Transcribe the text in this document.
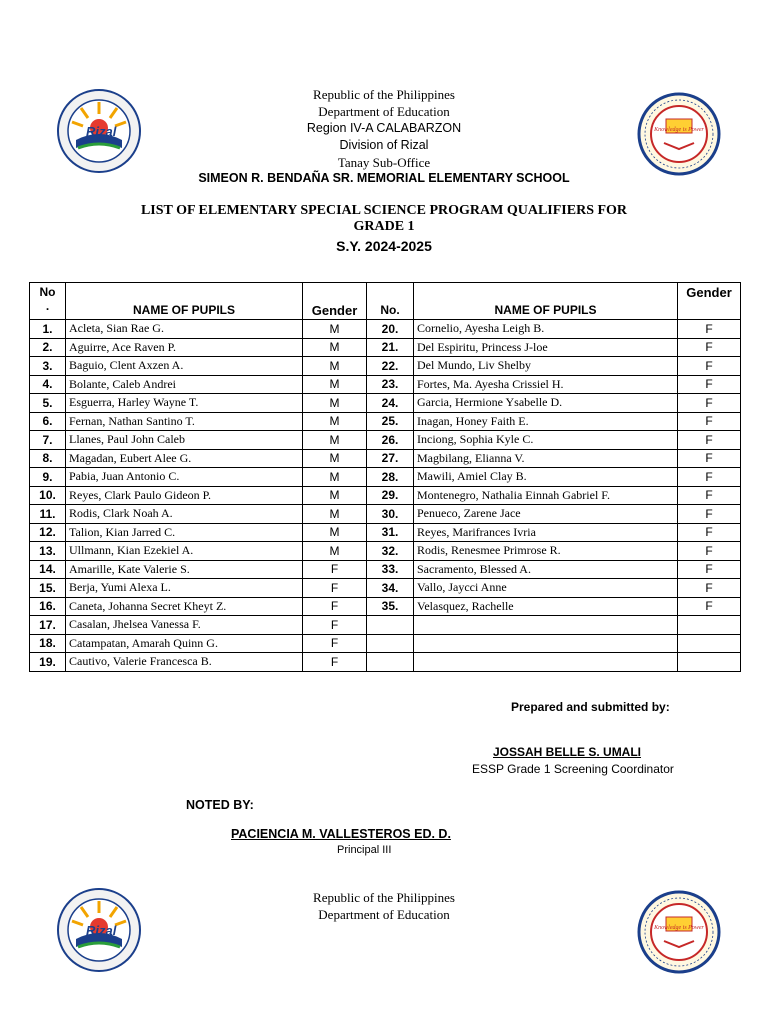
Rizal	Knowledge is Power
Republic of the Philippines
Department of Education
Region IV-A CALABARZON
Division of Rizal
Tanay Sub-Office
SIMEON R. BENDAÑA SR. MEMORIAL ELEMENTARY SCHOOL
LIST OF ELEMENTARY SPECIAL SCIENCE PROGRAM QUALIFIERS FOR
GRADE 1
S.Y. 2024-2025
No
.	NAME OF PUPILS	Gender	No.	NAME OF PUPILS	Gender
1.	Acleta, Sian Rae G.	M	20.	Cornelio, Ayesha Leigh B.	F
2.	Aguirre, Ace Raven P.	M	21.	Del Espiritu, Princess J-loe	F
3.	Baguio, Clent Axzen A.	M	22.	Del Mundo, Liv Shelby	F
4.	Bolante, Caleb Andrei	M	23.	Fortes, Ma. Ayesha Crissiel H.	F
5.	Esguerra, Harley Wayne T.	M	24.	Garcia, Hermione Ysabelle D.	F
6.	Fernan, Nathan Santino T.	M	25.	Inagan, Honey Faith E.	F
7.	Llanes, Paul John Caleb	M	26.	Inciong, Sophia Kyle C.	F
8.	Magadan, Eubert Alee G.	M	27.	Magbilang, Elianna V.	F
9.	Pabia, Juan Antonio C.	M	28.	Mawili, Amiel Clay B.	F
10.	Reyes, Clark Paulo Gideon P.	M	29.	Montenegro, Nathalia Einnah Gabriel F.	F
11.	Rodis, Clark Noah A.	M	30.	Penueco, Zarene Jace	F
12.	Talion, Kian Jarred C.	M	31.	Reyes, Marifrances Ivria	F
13.	Ullmann, Kian Ezekiel A.	M	32.	Rodis, Renesmee Primrose R.	F
14.	Amarille, Kate Valerie S.	F	33.	Sacramento, Blessed A.	F
15.	Berja, Yumi Alexa L.	F	34.	Vallo, Jaycci Anne	F
16.	Caneta, Johanna Secret Kheyt Z.	F	35.	Velasquez, Rachelle	F
17.	Casalan, Jhelsea Vanessa F.	F			
18.	Catampatan, Amarah Quinn G.	F			
19.	Cautivo, Valerie Francesca B.	F			
Prepared and submitted by:
JOSSAH BELLE S. UMALI
ESSP Grade 1 Screening Coordinator
NOTED BY:
PACIENCIA M. VALLESTEROS ED. D.
Principal III
Rizal	Knowledge is Power
Republic of the Philippines
Department of Education
